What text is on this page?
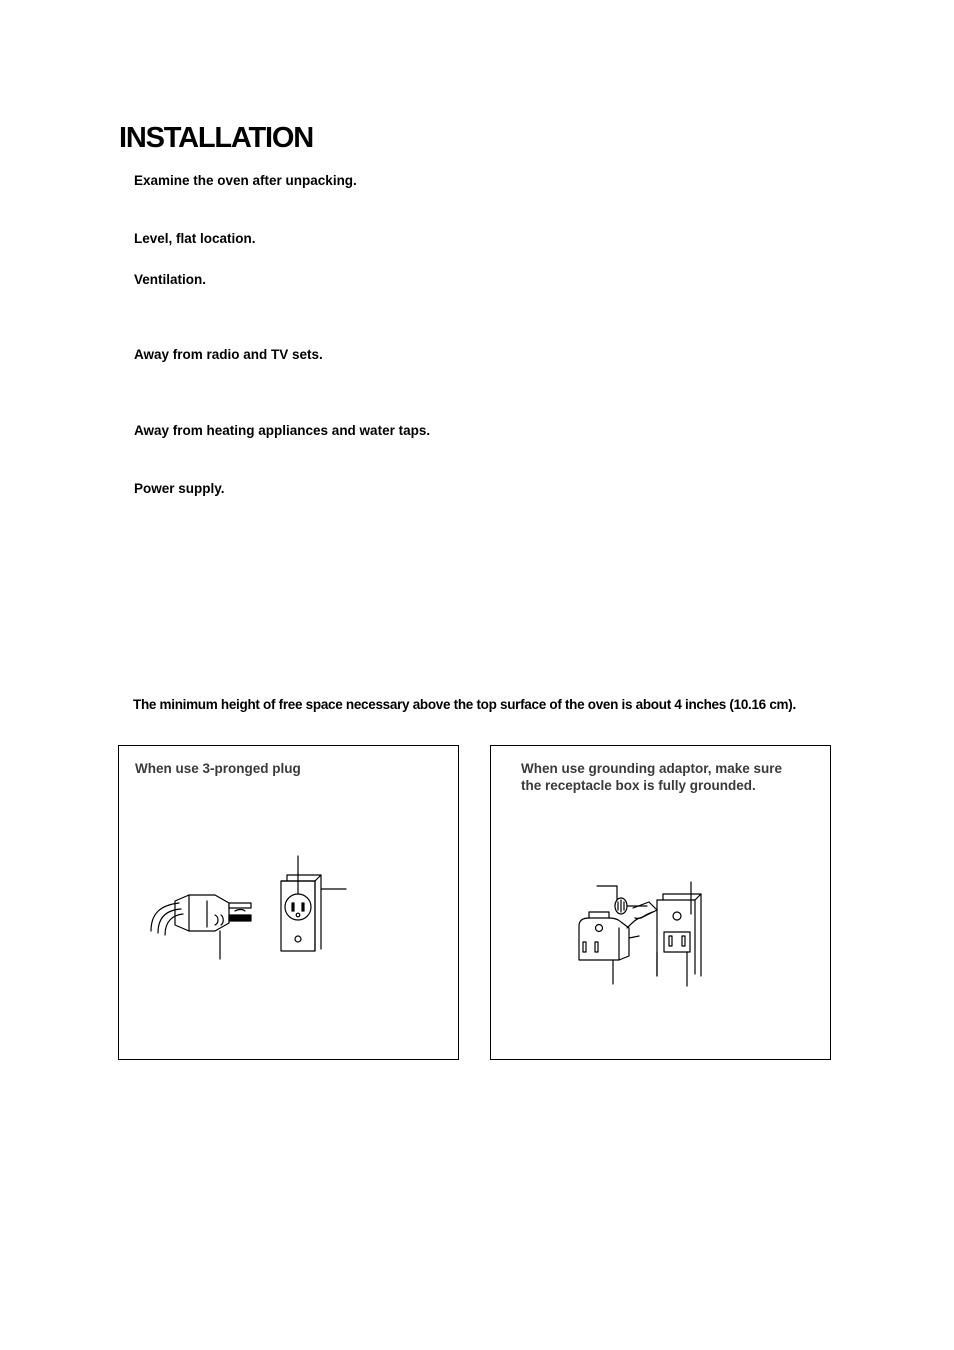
INSTALLATION

Examine the oven after unpacking.

Level, flat location.

Ventilation.

Away from radio and TV sets.

Away from heating appliances and water taps.

Power supply.

The minimum height of free space necessary above the top surface of the oven is about 4 inches (10.16 cm).

When use 3-pronged plug	When use grounding adaptor, make sure
the receptacle box is fully grounded.
